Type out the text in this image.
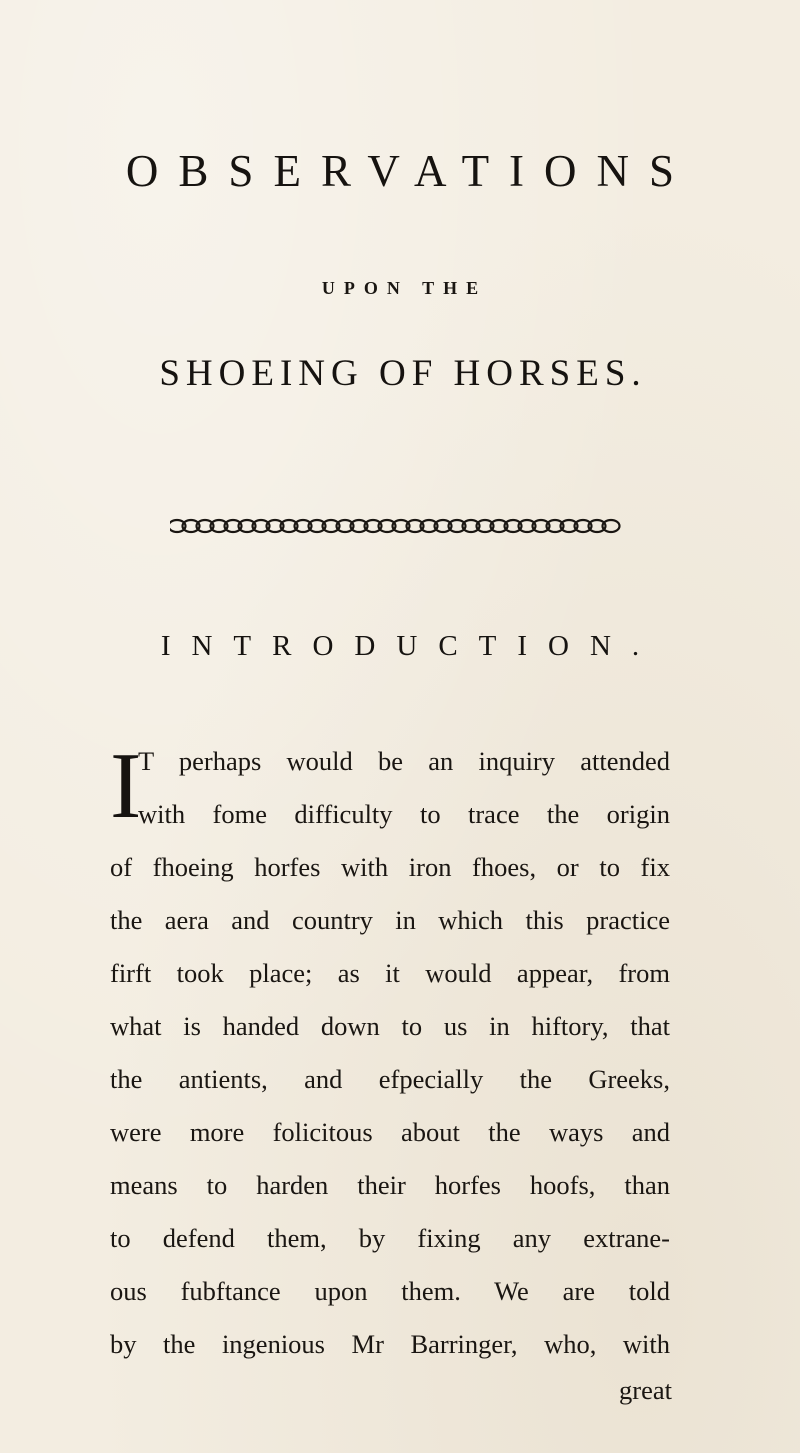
OBSERVATIONS
UPON THE
SHOEING OF HORSES.
INTRODUCTION.
I
T perhaps would be an inquiry attended
with fome difficulty to trace the origin
of fhoeing horfes with iron fhoes, or to fix
the aera and country in which this practice
firft took place; as it would appear, from
what is handed down to us in hiftory, that
the antients, and efpecially the Greeks,
were more folicitous about the ways and
means to harden their horfes hoofs, than
to defend them, by fixing any extrane-
ous fubftance upon them. We are told
by the ingenious Mr Barringer, who, with
great
